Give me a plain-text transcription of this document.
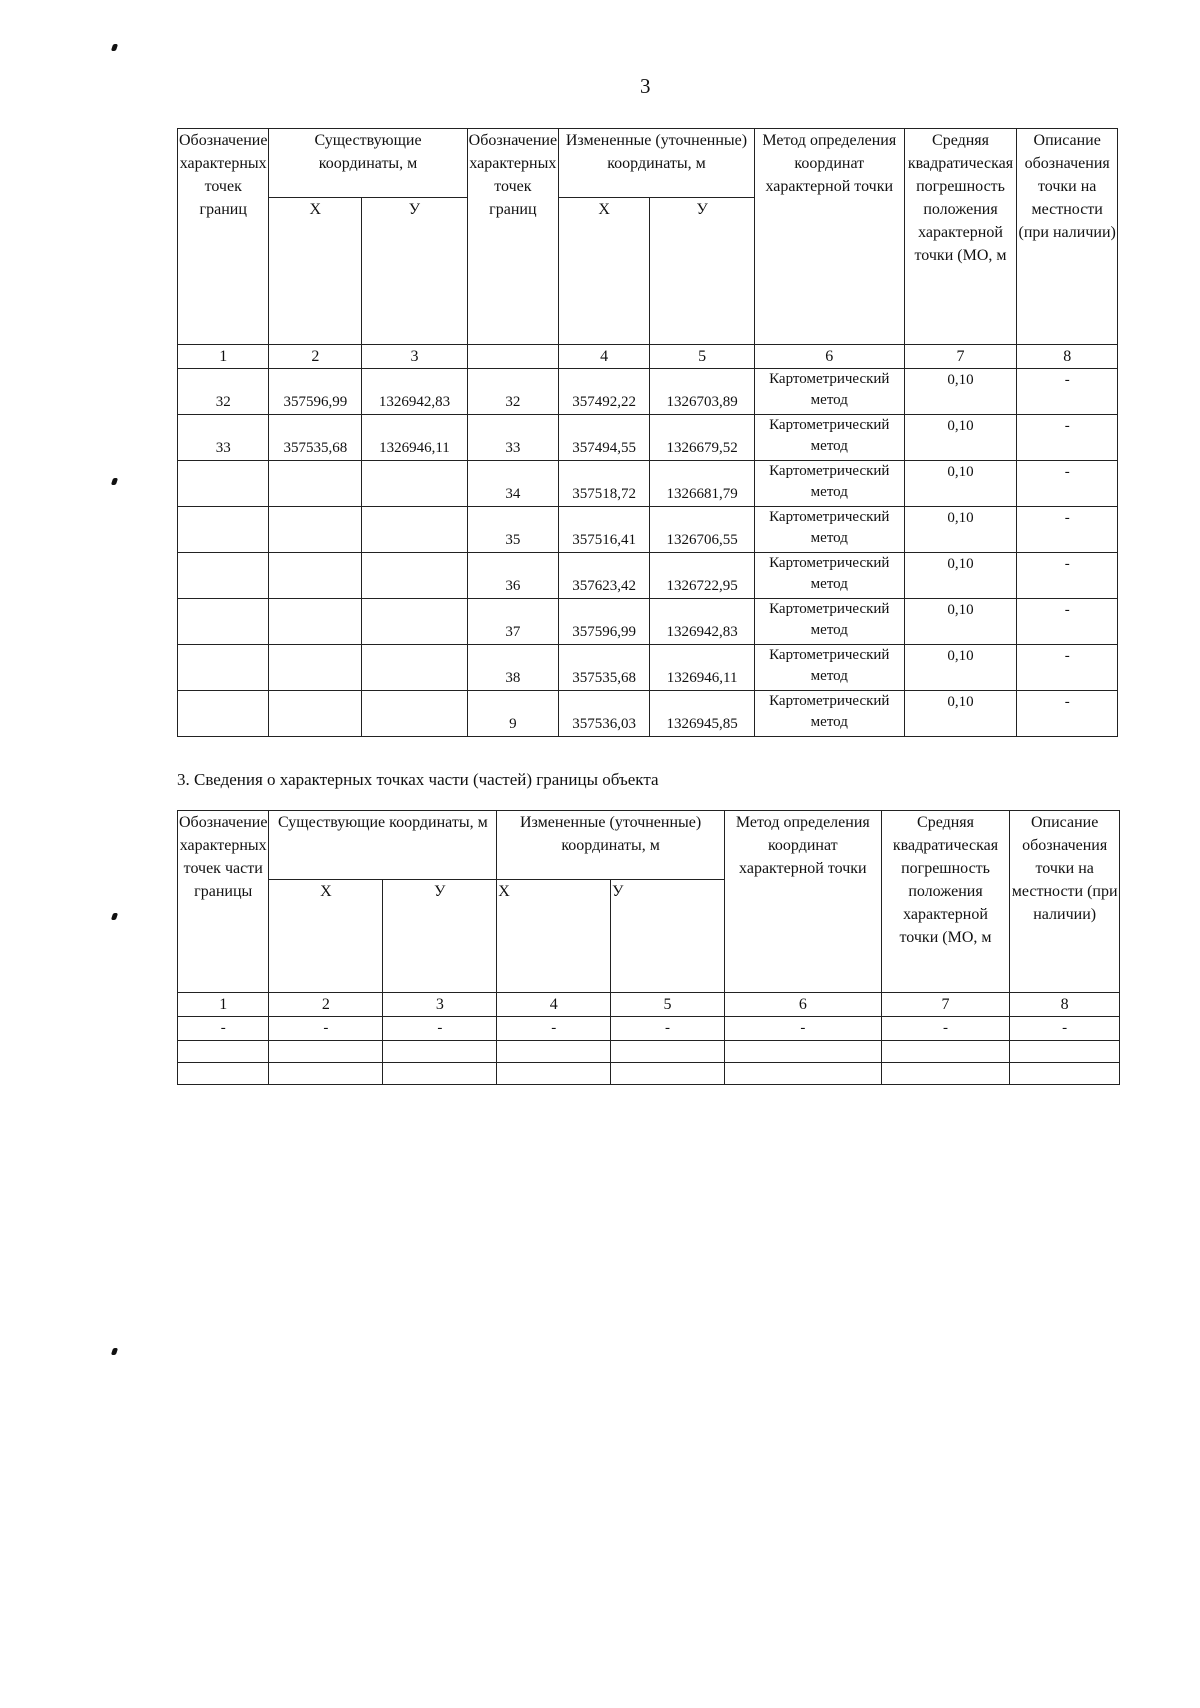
3
Обозначение характерных точек границ	Существующие координаты, м		Обозначение характерных точек границ	Измененные (уточненные) координаты, м		Метод определения координат характерной точки	Средняя квадратическая погрешность положения характерной точки (МО, м	Описание обозначения точки на местности (при наличии)
	Х	У		Х	У			
1	2	3		4	5	6	7	8
32	357596,99	1326942,83	32	357492,22	1326703,89	Картометрический метод	0,10	-
33	357535,68	1326946,11	33	357494,55	1326679,52	Картометрический метод	0,10	-
			34	357518,72	1326681,79	Картометрический метод	0,10	-
			35	357516,41	1326706,55	Картометрический метод	0,10	-
			36	357623,42	1326722,95	Картометрический метод	0,10	-
			37	357596,99	1326942,83	Картометрический метод	0,10	-
			38	357535,68	1326946,11	Картометрический метод	0,10	-
			9	357536,03	1326945,85	Картометрический метод	0,10	-
3. Сведения о характерных точках части (частей) границы объекта
Обозначение характерных точек части границы	Существующие координаты, м		Измененные (уточненные) координаты, м		Метод определения координат характерной точки	Средняя квадратическая погрешность положения характерной точки (МО, м	Описание обозначения точки на местности (при наличии)
	Х	У	Х	У			
1	2	3	4	5	6	7	8
-	-	-	-	-	-	-	-
